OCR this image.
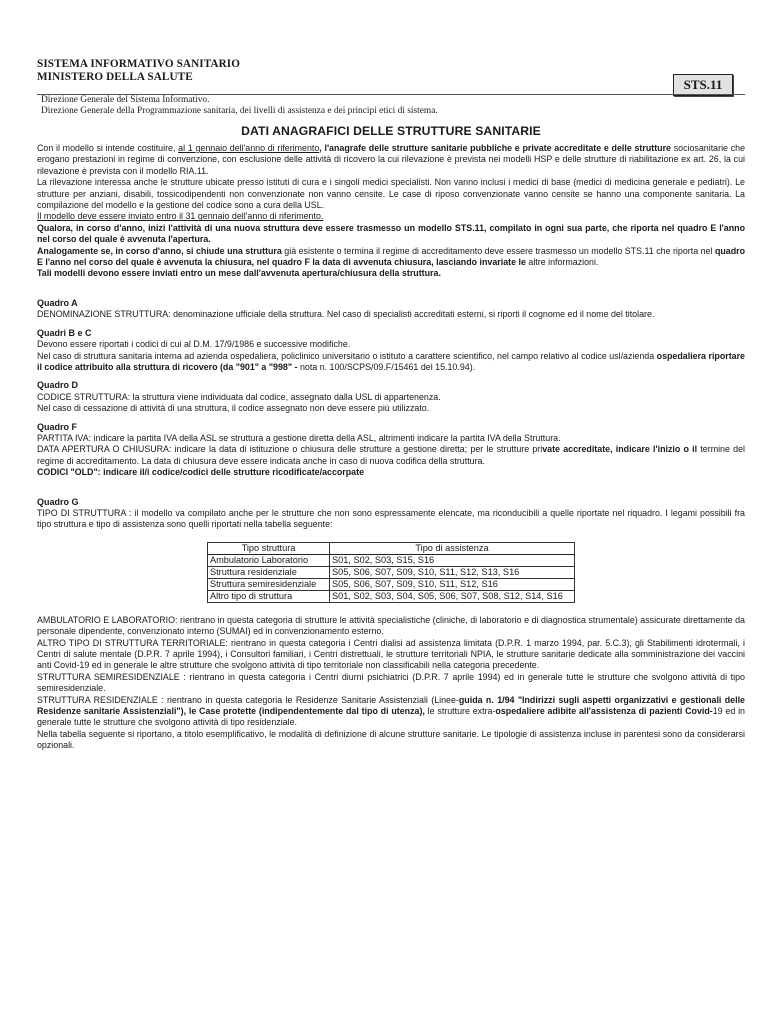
SISTEMA INFORMATIVO SANITARIO
MINISTERO DELLA SALUTE	STS.11
Direzione Generale del Sistema Informativo.
Direzione Generale della Programmazione sanitaria, dei livelli di assistenza e dei principi etici di sistema.
DATI ANAGRAFICI DELLE STRUTTURE SANITARIE

Con il modello si intende costituire, al 1 gennaio dell'anno di riferimento, l'anagrafe delle strutture sanitarie pubbliche e private accreditate e delle strutture sociosanitarie che erogano prestazioni in regime di convenzione, con esclusione delle attività di ricovero la cui rilevazione è prevista nei modelli HSP e delle strutture di riabilitazione ex art. 26, la cui rilevazione è prevista con il modello RIA.11.

La rilevazione interessa anche le strutture ubicate presso istituti di cura e i singoli medici specialisti. Non vanno inclusi i medici di base (medici di medicina generale e pediatri). Le strutture per anziani, disabili, tossicodipendenti non convenzionate non vanno censite. Le case di riposo convenzionate vanno censite se hanno una componente sanitaria. La compilazione del modello e la gestione del codice sono a cura della USL.

Il modello deve essere inviato entro il 31 gennaio dell'anno di riferimento.

Qualora, in corso d'anno, inizi l'attività di una nuova struttura deve essere trasmesso un modello STS.11, compilato in ogni sua parte, che riporta nel quadro E l'anno nel corso del quale è avvenuta l'apertura.

Analogamente se, in corso d'anno, si chiude una struttura già esistente o termina il regime di accreditamento deve essere trasmesso un modello STS.11 che riporta nel quadro E l'anno nel corso del quale è avvenuta la chiusura, nel quadro F la data di avvenuta chiusura, lasciando invariate le altre informazioni.

Tali modelli devono essere inviati entro un mese dall'avvenuta apertura/chiusura della struttura.

Quadro A

DENOMINAZIONE STRUTTURA: denominazione ufficiale della struttura. Nel caso di specialisti accreditati esterni, si riporti il cognome ed il nome del titolare.

Quadri B e C

Devono essere riportati i codici di cui al D.M. 17/9/1986 e successive modifiche.

Nel caso di struttura sanitaria interna ad azienda ospedaliera, policlinico universitario o istituto a carattere scientifico, nel campo relativo al codice usl/azienda ospedaliera riportare il codice attribuito alla struttura di ricovero (da "901" a "998" - nota n. 100/SCPS/09.F/15461 del 15.10.94).

Quadro D

CODICE STRUTTURA: la struttura viene individuata dal codice, assegnato dalla USL di appartenenza.

Nel caso di cessazione di attività di una struttura, il codice assegnato non deve essere più utilizzato.

Quadro F

PARTITA IVA: indicare la partita IVA della ASL se struttura a gestione diretta della ASL, altrimenti indicare la partita IVA della Struttura.

DATA APERTURA O CHIUSURA: indicare la data di istituzione o chiusura delle strutture a gestione diretta; per le strutture private accreditate, indicare l'inizio o il termine del regime di accreditamento. La data di chiusura deve essere indicata anche in caso di nuova codifica della struttura.

CODICI "OLD": indicare il/i codice/codici delle strutture ricodificate/accorpate

Quadro G

TIPO DI STRUTTURA : il modello va compilato anche per le strutture che non sono espressamente elencate, ma riconducibili a quelle riportate nel riquadro. I legami possibili fra tipo struttura e tipo di assistenza sono quelli riportati nella tabella seguente:

Tipo struttura	Tipo di assistenza
Ambulatorio Laboratorio	S01, S02, S03, S15, S16
Struttura residenziale	S05, S06, S07, S09, S10, S11, S12, S13, S16
Struttura semiresidenziale	S05, S06, S07, S09, S10, S11, S12, S16
Altro tipo di struttura	S01, S02, S03, S04, S05, S06, S07, S08, S12, S14, S16

AMBULATORIO E LABORATORIO: rientrano in questa categoria di strutture le attività specialistiche (cliniche, di laboratorio e di diagnostica strumentale) assicurate direttamente da personale dipendente, convenzionato interno (SUMAI) ed in convenzionamento esterno.

ALTRO TIPO DI STRUTTURA TERRITORIALE: rientrano in questa categoria i Centri dialisi ad assistenza limitata (D.P.R. 1 marzo 1994, par. 5.C.3), gli Stabilimenti idrotermali, i Centri di salute mentale (D.P.R. 7 aprile 1994), i Consultori familiari, i Centri distrettuali, le strutture territoriali NPIA, le strutture sanitarie dedicate alla somministrazione dei vaccini anti Covid-19 ed in generale le altre strutture che svolgono attività di tipo territoriale non classificabili nella categoria precedente.

STRUTTURA SEMIRESIDENZIALE : rientrano in questa categoria i Centri diurni psichiatrici (D.P.R. 7 aprile 1994) ed in generale tutte le strutture che svolgono attività di tipo semiresidenziale.

STRUTTURA RESIDENZIALE : rientrano in questa categoria le Residenze Sanitarie Assistenziali (Linee-guida n. 1/94 "Indirizzi sugli aspetti organizzativi e gestionali delle Residenze sanitarie Assistenziali"), le Case protette (indipendentemente dal tipo di utenza), le strutture extra-ospedaliere adibite all'assistenza di pazienti Covid-19 ed in generale tutte le strutture che svolgono attività di tipo residenziale.

Nella tabella seguente si riportano, a titolo esemplificativo, le modalità di definizione di alcune strutture sanitarie. Le tipologie di assistenza incluse in parentesi sono da considerarsi opzionali.
